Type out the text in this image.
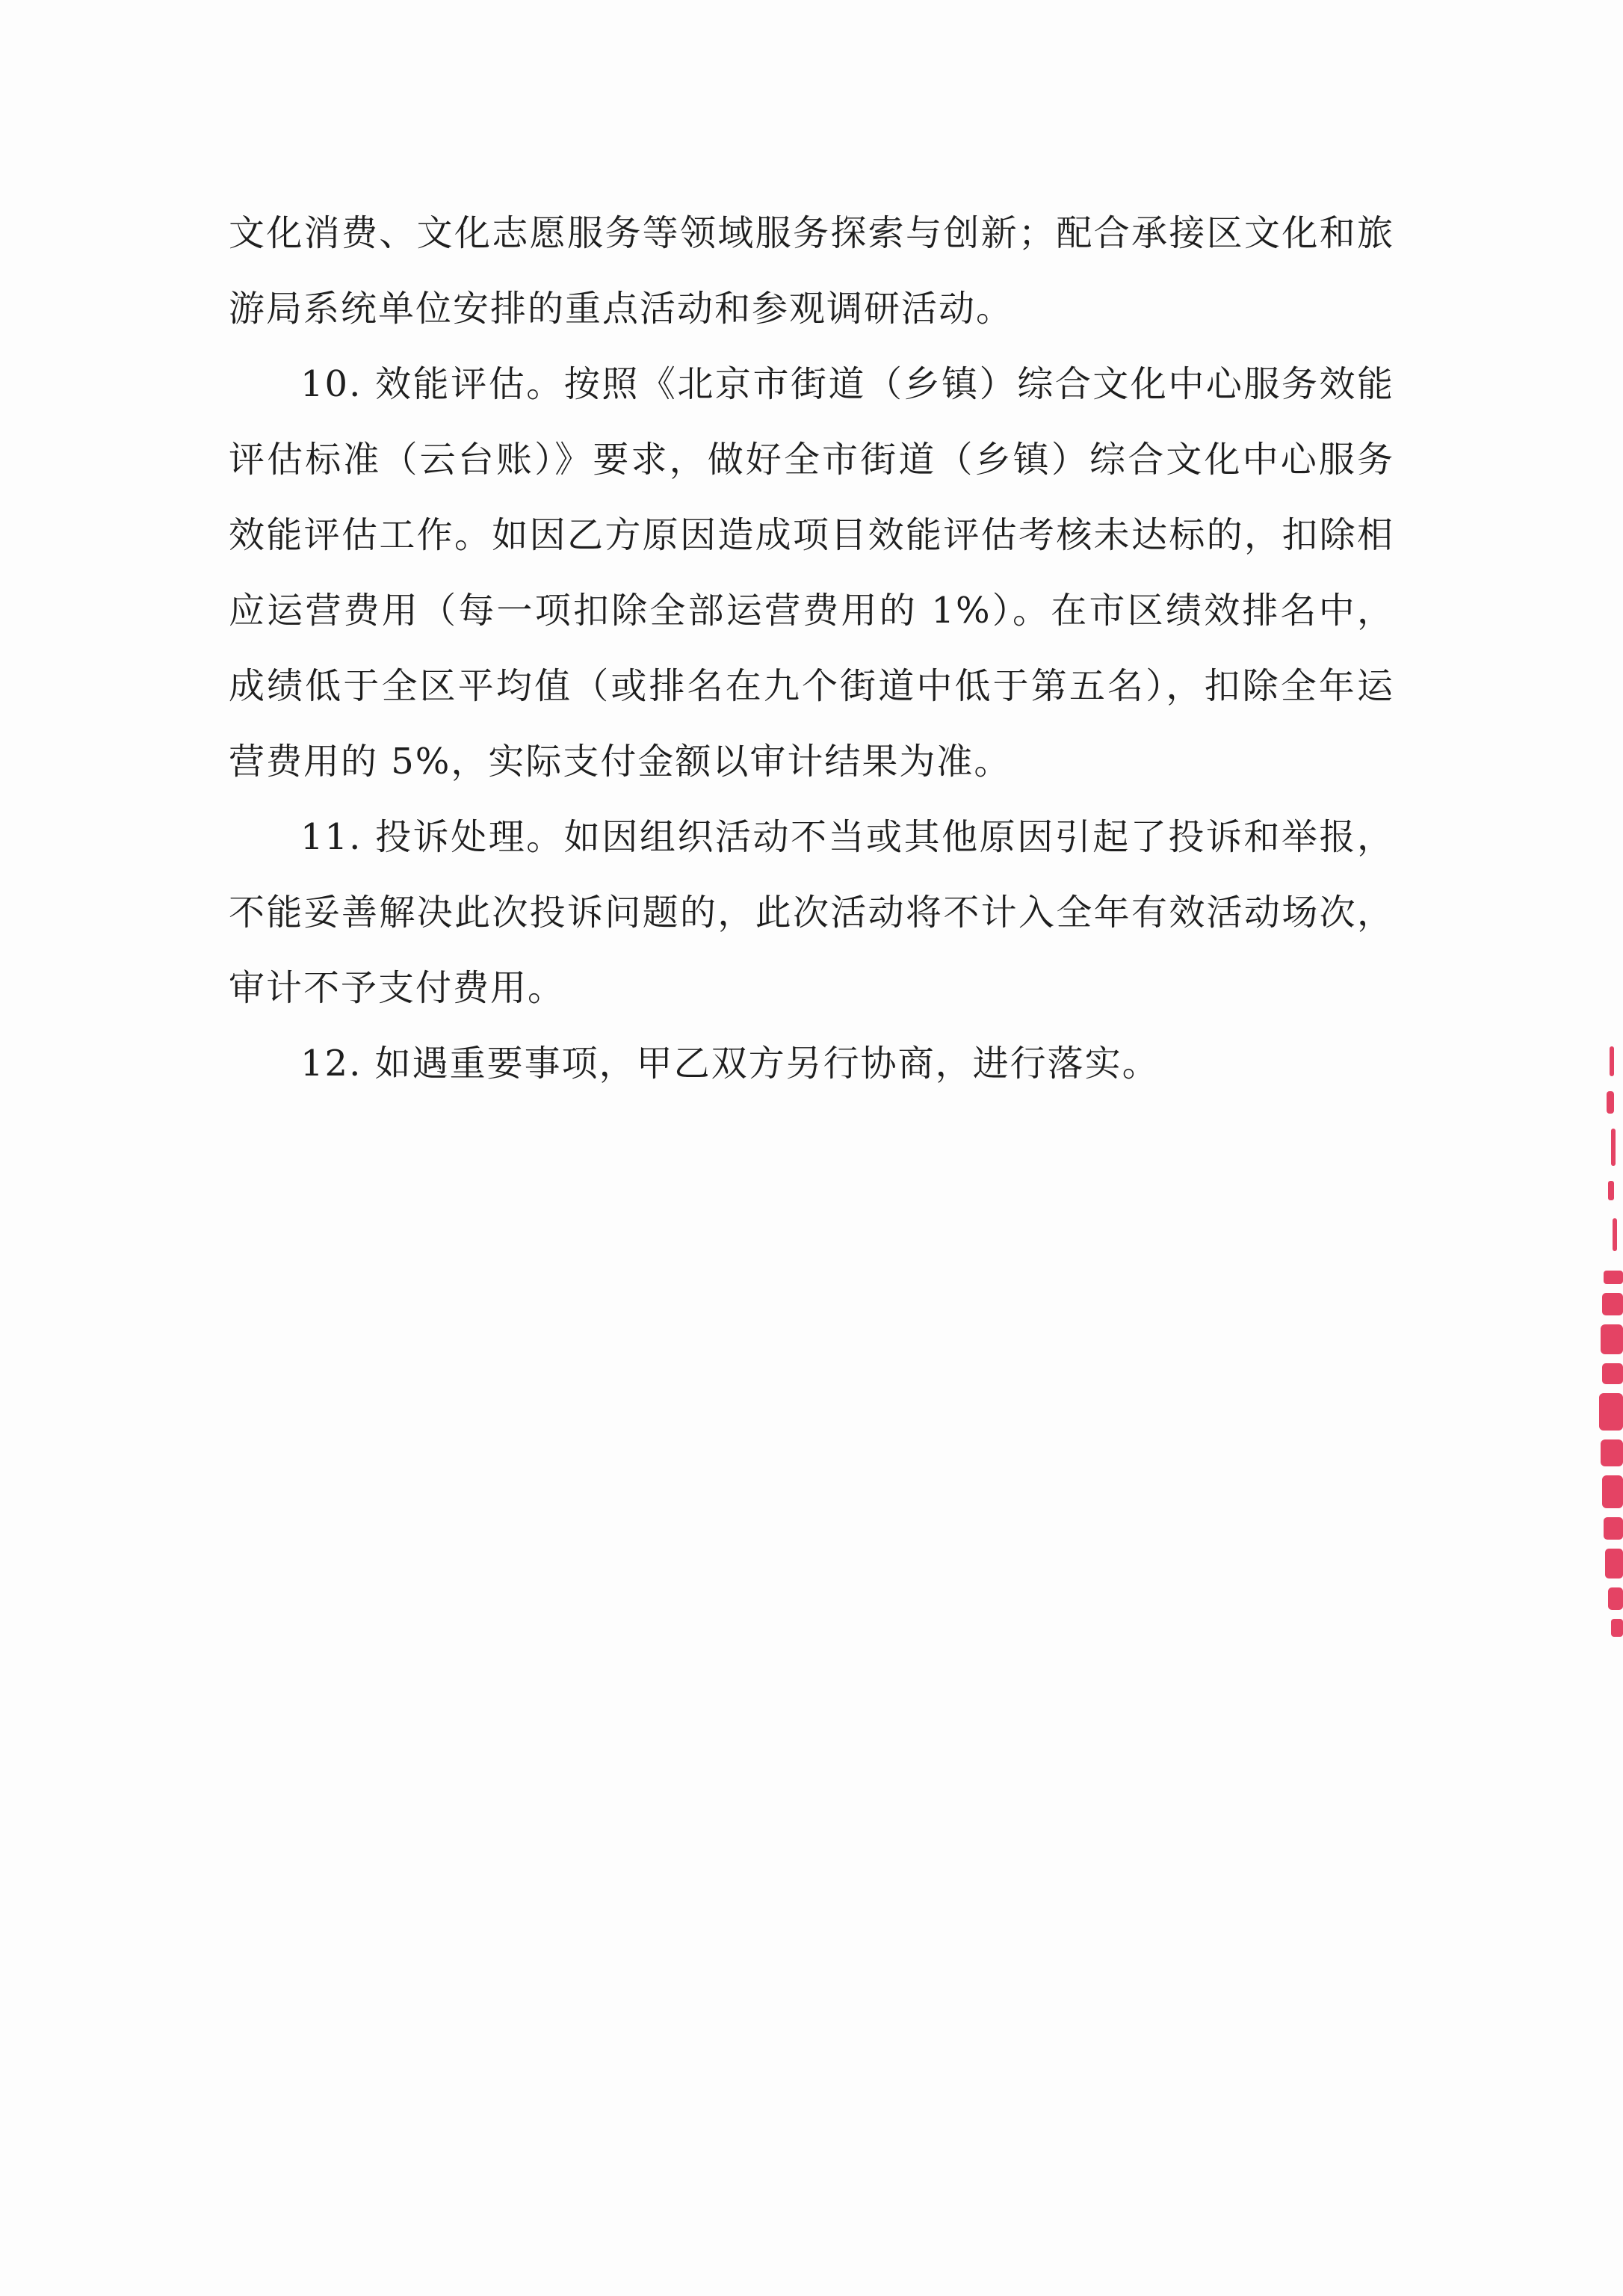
文化消费、文化志愿服务等领域服务探索与创新；配合承接区文化和旅游局系统单位安排的重点活动和参观调研活动。

10. 效能评估。按照《北京市街道（乡镇）综合文化中心服务效能评估标准（云台账）》要求，做好全市街道（乡镇）综合文化中心服务效能评估工作。如因乙方原因造成项目效能评估考核未达标的，扣除相应运营费用（每一项扣除全部运营费用的 1%）。在市区绩效排名中，成绩低于全区平均值（或排名在九个街道中低于第五名），扣除全年运营费用的 5%，实际支付金额以审计结果为准。

11. 投诉处理。如因组织活动不当或其他原因引起了投诉和举报，不能妥善解决此次投诉问题的，此次活动将不计入全年有效活动场次，审计不予支付费用。

12. 如遇重要事项，甲乙双方另行协商，进行落实。
